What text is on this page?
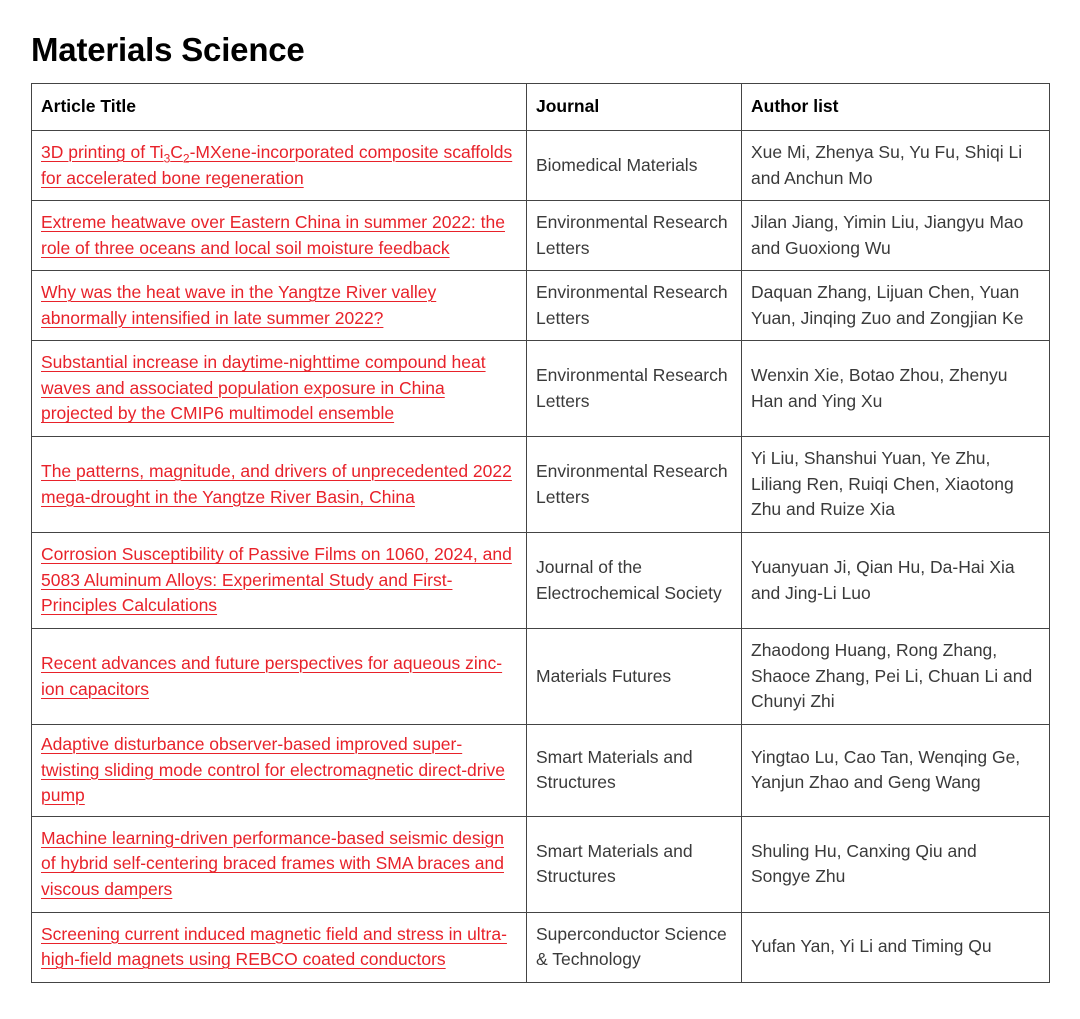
Materials Science
Article Title	Journal	Author list
3D printing of $Ti_3C_2-MXene$-incorporated composite scaffolds for accelerated bone regeneration	Biomedical Materials	Xue Mi, Zhenya Su, Yu Fu, Shiqi Li and Anchun Mo
Extreme heatwave over Eastern China in summer 2022: the role of three oceans and local soil moisture feedback	Environmental Research Letters	Jilan Jiang, Yimin Liu, Jiangyu Mao and Guoxiong Wu
Why was the heat wave in the Yangtze River valley abnormally intensified in late summer 2022?	Environmental Research Letters	Daquan Zhang, Lijuan Chen, Yuan Yuan, Jinqing Zuo and Zongjian Ke
Substantial increase in daytime-nighttime compound heat waves and associated population exposure in China projected by the CMIP6 multimodel ensemble	Environmental Research Letters	Wenxin Xie, Botao Zhou, Zhenyu Han and Ying Xu
The patterns, magnitude, and drivers of unprecedented 2022 mega-drought in the Yangtze River Basin, China	Environmental Research Letters	Yi Liu, Shanshui Yuan, Ye Zhu, Liliang Ren, Ruiqi Chen, Xiaotong Zhu and Ruize Xia
Corrosion Susceptibility of Passive Films on 1060, 2024, and 5083 Aluminum Alloys: Experimental Study and First-Principles Calculations	Journal of the Electrochemical Society	Yuanyuan Ji, Qian Hu, Da-Hai Xia and Jing-Li Luo
Recent advances and future perspectives for aqueous zinc-ion capacitors	Materials Futures	Zhaodong Huang, Rong Zhang, Shaoce Zhang, Pei Li, Chuan Li and Chunyi Zhi
Adaptive disturbance observer-based improved super-twisting sliding mode control for electromagnetic direct-drive pump	Smart Materials and Structures	Yingtao Lu, Cao Tan, Wenqing Ge, Yanjun Zhao and Geng Wang
Machine learning-driven performance-based seismic design of hybrid self-centering braced frames with SMA braces and viscous dampers	Smart Materials and Structures	Shuling Hu, Canxing Qiu and Songye Zhu
Screening current induced magnetic field and stress in ultra-high-field magnets using REBCO coated conductors	Superconductor Science & Technology	Yufan Yan, Yi Li and Timing Qu
